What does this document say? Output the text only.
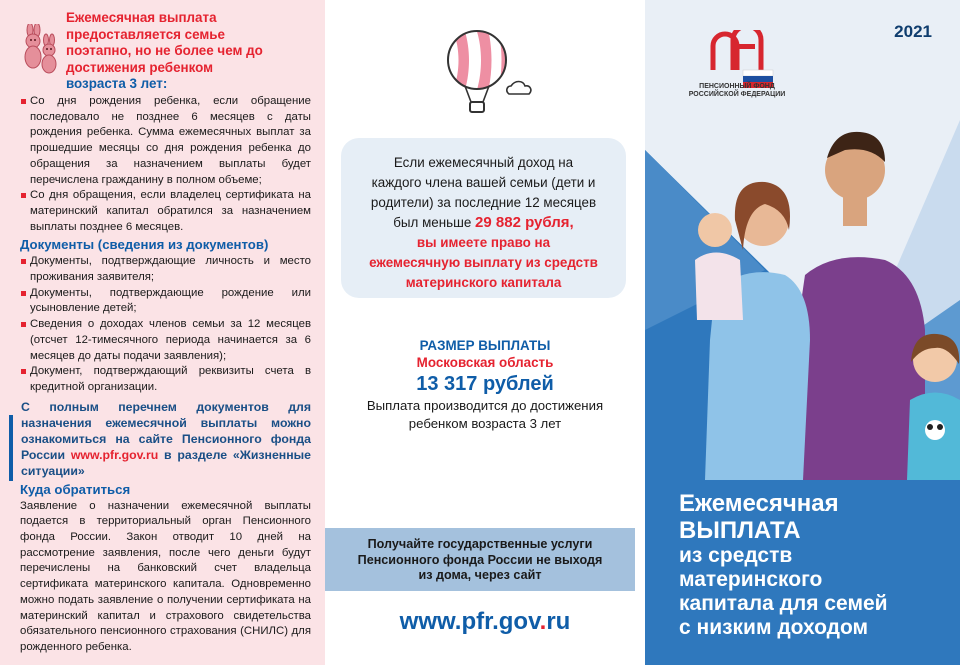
Ежемесячная выплата
предоставляется семье
поэтапно, но не более чем до
достижения ребенком
возраста 3 лет:

Со дня рождения ребенка, если обращение последовало не позднее 6 месяцев с даты рождения ребенка. Сумма ежемесячных выплат за прошедшие месяцы со дня рождения ребенка до обращения за назначением выплаты будет перечислена гражданину в полном объеме;

Со дня обращения, если владелец сертификата на материнский капитал обратился за назначением выплаты позднее 6 месяцев.

Документы (сведения из документов)

Документы, подтверждающие личность и место проживания заявителя;

Документы, подтверждающие рождение или усыновление детей;

Сведения о доходах членов семьи за 12 месяцев (отсчет 12-тимесячного периода начинается за 6 месяцев до даты подачи заявления);

Документ, подтверждающий реквизиты счета в кредитной организации.

С полным перечнем документов для назначения ежемесячной выплаты можно ознакомиться на сайте Пенсионного фонда России www.pfr.gov.ru в разделе «Жизненные ситуации»
Куда обратиться

Заявление о назначении ежемесячной выплаты подается в территориальный орган Пенсионного фонда России. Закон отводит 10 дней на рассмотрение заявления, после чего деньги будут перечислены на банковский счет владельца сертификата материнского капитала. Одновременно можно подать заявление о получении сертификата на материнский капитал и страхового свидетельства обязательного пенсионного страхования (СНИЛС) для рожденного ребенка.

Если ежемесячный доход на
каждого члена вашей семьи (дети и
родители) за последние 12 месяцев
был меньше 29 882 рубля,
вы имеете право на
ежемесячную выплату из средств
материнского капитала
РАЗМЕР ВЫПЛАТЫ
Московская область
13 317 рублей
Выплата производится до достижения
ребенком возраста 3 лет
Получайте государственные услуги
Пенсионного фонда России не выходя
из дома, через сайт
www.pfr.gov.ru
2021
ПЕНСИОННЫЙ ФОНД
РОССИЙСКОЙ ФЕДЕРАЦИИ
Ежемесячная
ВЫПЛАТА
из средств
материнского
капитала для семей
с низким доходом
